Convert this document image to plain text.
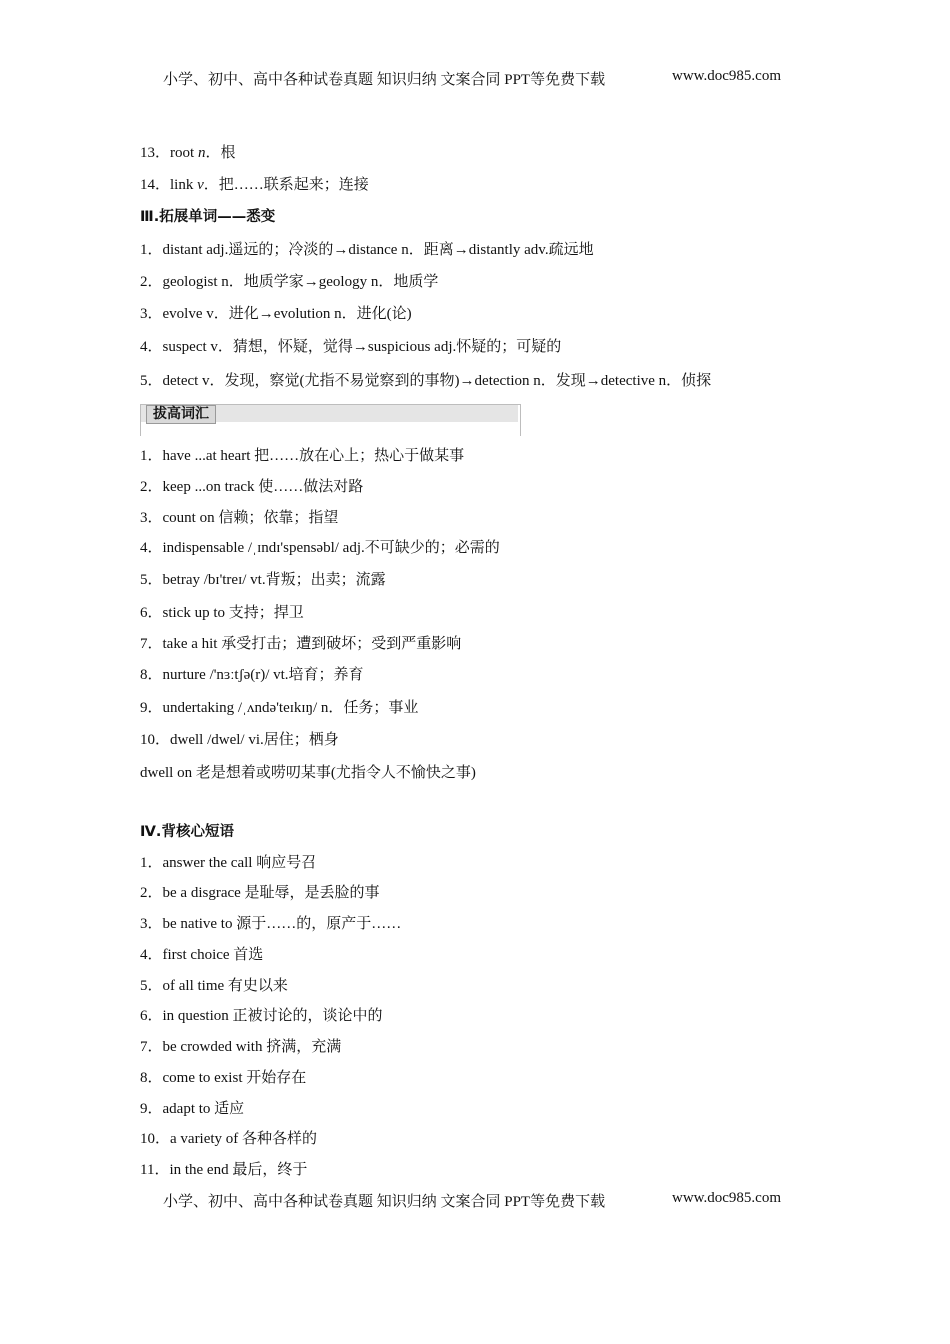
小学、初中、高中各种试卷真题 知识归纳 文案合同 PPT等免费下载	www.doc985.com
13．root n．根
14．link v．把……联系起来；连接
Ⅲ.拓展单词——悉变
1．distant adj.遥远的；冷淡的→distance n．距离→distantly adv.疏远地
2．geologist n．地质学家→geology n．地质学
3．evolve v．进化→evolution n．进化(论)
4．suspect v．猜想，怀疑，觉得→suspicious adj.怀疑的；可疑的
5．detect v．发现，察觉(尤指不易觉察到的事物)→detection n．发现→detective n．侦探
拔高词汇
1．have ...at heart 把……放在心上；热心于做某事
2．keep ...on track 使……做法对路
3．count on 信赖；依靠；指望
4．indispensable /ˌɪndɪ'spensəbl/ adj.不可缺少的；必需的
5．betray /bɪ'treɪ/ vt.背叛；出卖；流露
6．stick up to 支持；捍卫
7．take a hit 承受打击；遭到破坏；受到严重影响
8．nurture /'nɜːtʃə(r)/ vt.培育；养育
9．undertaking /ˌʌndə'teɪkɪŋ/ n．任务；事业
10．dwell /dwel/ vi.居住；栖身
dwell on 老是想着或唠叨某事(尤指令人不愉快之事)
Ⅳ.背核心短语
1．answer the call 响应号召
2．be a disgrace 是耻辱，是丢脸的事
3．be native to 源于……的，原产于……
4．first choice 首选
5．of all time 有史以来
6．in question 正被讨论的，谈论中的
7．be crowded with 挤满，充满
8．come to exist 开始存在
9．adapt to 适应
10．a variety of 各种各样的
11．in the end 最后，终于
小学、初中、高中各种试卷真题 知识归纳 文案合同 PPT等免费下载	www.doc985.com
